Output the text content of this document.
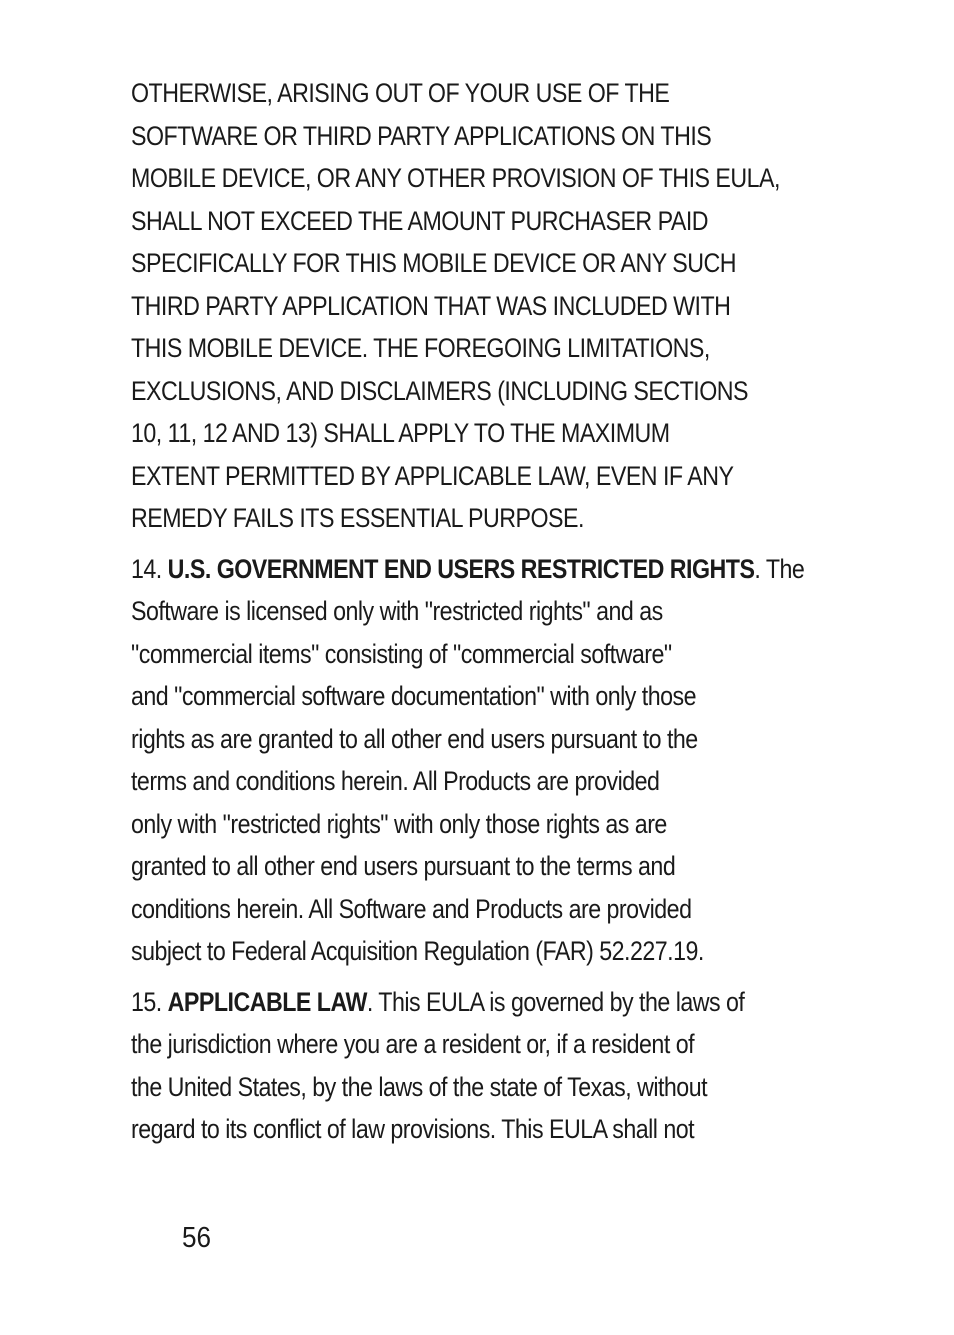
OTHERWISE, ARISING OUT OF YOUR USE OF THE
SOFTWARE OR THIRD PARTY APPLICATIONS ON THIS
MOBILE DEVICE, OR ANY OTHER PROVISION OF THIS EULA,
SHALL NOT EXCEED THE AMOUNT PURCHASER PAID
SPECIFICALLY FOR THIS MOBILE DEVICE OR ANY SUCH
THIRD PARTY APPLICATION THAT WAS INCLUDED WITH
THIS MOBILE DEVICE. THE FOREGOING LIMITATIONS,
EXCLUSIONS, AND DISCLAIMERS (INCLUDING SECTIONS
10, 11, 12 AND 13) SHALL APPLY TO THE MAXIMUM
EXTENT PERMITTED BY APPLICABLE LAW, EVEN IF ANY
REMEDY FAILS ITS ESSENTIAL PURPOSE.

14. U.S. GOVERNMENT END USERS RESTRICTED RIGHTS. The
Software is licensed only with "restricted rights" and as
"commercial items" consisting of "commercial software"
and "commercial software documentation" with only those
rights as are granted to all other end users pursuant to the
terms and conditions herein. All Products are provided
only with "restricted rights" with only those rights as are
granted to all other end users pursuant to the terms and
conditions herein. All Software and Products are provided
subject to Federal Acquisition Regulation (FAR) 52.227.19.

15. APPLICABLE LAW. This EULA is governed by the laws of
the jurisdiction where you are a resident or, if a resident of
the United States, by the laws of the state of Texas, without
regard to its conflict of law provisions. This EULA shall not

56
